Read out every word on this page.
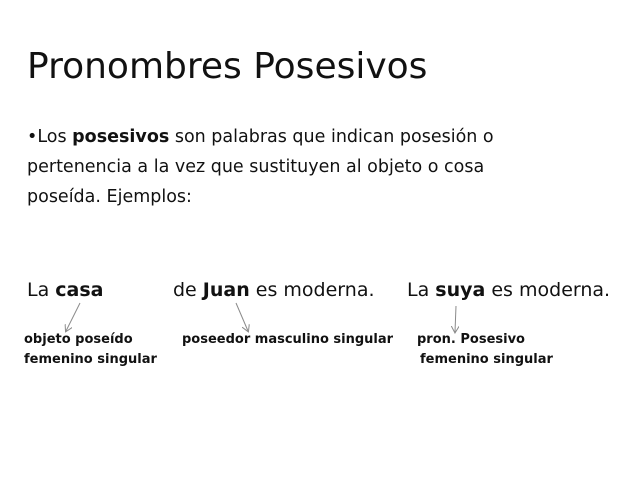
Pronombres Posesivos
•Los posesivos son palabras que indican posesión o
pertenencia a la vez que sustituyen al objeto o cosa
poseída. Ejemplos:
La casa	de Juan es moderna. La suya es moderna.
objeto poseído
femenino singular
poseedor masculino singular pron. Posesivo
femenino singular
